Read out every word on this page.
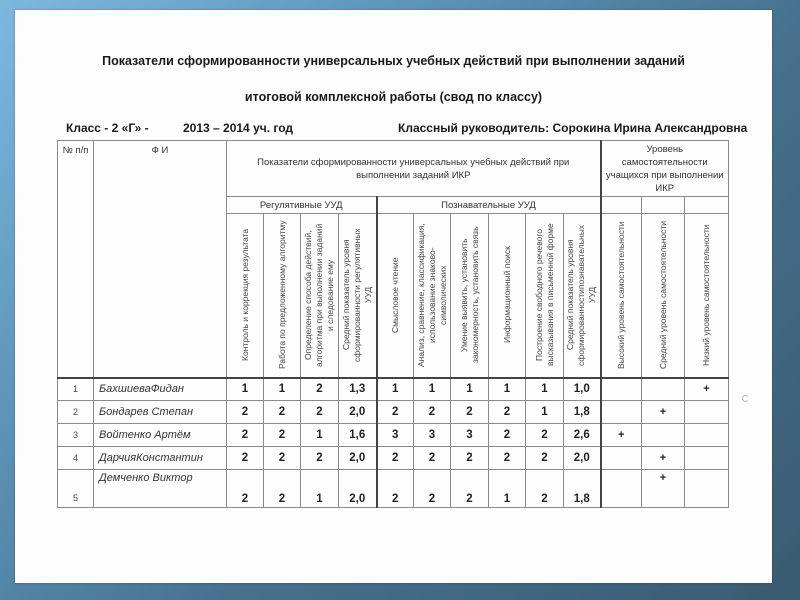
Показатели сформированности универсальных учебных действий при выполнении заданий
итоговой комплексной работы (свод по классу)
Класс - 2 «Г» -	2013 – 2014 уч. год	Классный руководитель: Сорокина Ирина Александровна
№ п/п	Ф И	Показатели сформированности универсальных учебных действий при выполнении заданий ИКР										Уровень самостоятельности учащихся при выполнении ИКР		
		Регулятивные УУД				Познавательные УУД								

Контроль и коррекция результата	Работа по предложенному алгоритму	Определение способа действий, алгоритма при выполнении заданий и следование ему	Средний показатель уровня сформированности регулятивных УУД	Смысловое чтение	Анализ, сравнение, классификация, использование знаково-символических	Умение выявить, установить закономерность, установить связь	Информационный поиск	Построение свободного речевого высказывания в письменной форме	Средний показатель уровня сформированностипознавательных УУД	Высокий уровень самостоятельности	Средний уровень самостоятельности	Низкий уровень самостоятельности

1	БахшиеваФидан	1	1	2	1,3	1	1	1	1	1	1,0			+
2	Бондарев Степан	2	2	2	2,0	2	2	2	2	1	1,8		+	
3	Войтенко Артём	2	2	1	1,6	3	3	3	2	2	2,6	+		
4	ДарчияКонстантин	2	2	2	2,0	2	2	2	2	2	2,0		+	
5	Демченко Виктор	2	2	1	2,0	2	2	2	1	2	1,8		+	
